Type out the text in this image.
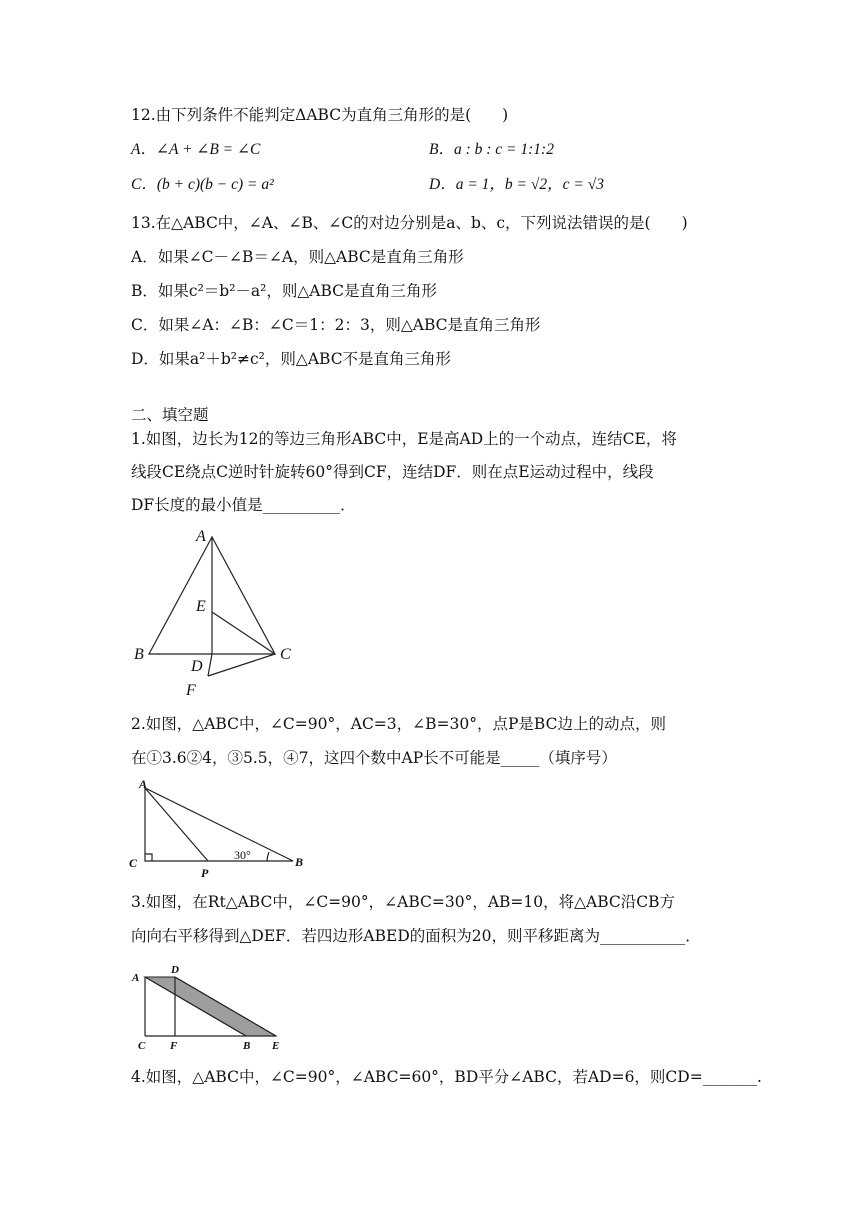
12.由下列条件不能判定ΔABC为直角三角形的是(　　)
A．∠A + ∠B = ∠C	B．a : b : c = 1:1:2
C．(b + c)(b − c) = a²	D．a = 1，b = √2，c = √3
13.在△ABC中，∠A、∠B、∠C的对边分别是a、b、c，下列说法错误的是(　　)
A．如果∠C－∠B＝∠A，则△ABC是直角三角形
B．如果c²＝b²－a²，则△ABC是直角三角形
C．如果∠A：∠B：∠C＝1：2：3，则△ABC是直角三角形
D．如果a²＋b²≠c²，则△ABC不是直角三角形
二、填空题
1.如图，边长为12的等边三角形ABC中，E是高AD上的一个动点，连结CE，将
线段CE绕点C逆时针旋转60°得到CF，连结DF．则在点E运动过程中，线段
DF长度的最小值是__________．
A
B	C
D
E
F
2.如图，△ABC中，∠C=90°，AC=3，∠B=30°，点P是BC边上的动点，则
在①3.6②4，③5.5，④7，这四个数中AP长不可能是_____（填序号）
A
C	B
P
30°
3.如图，在Rt△ABC中，∠C=90°，∠ABC=30°，AB=10，将△ABC沿CB方
向向右平移得到△DEF．若四边形ABED的面积为20，则平移距离为___________．
A
D
C F	B E
4.如图，△ABC中，∠C=90°，∠ABC=60°，BD平分∠ABC，若AD=6，则CD=_______.
